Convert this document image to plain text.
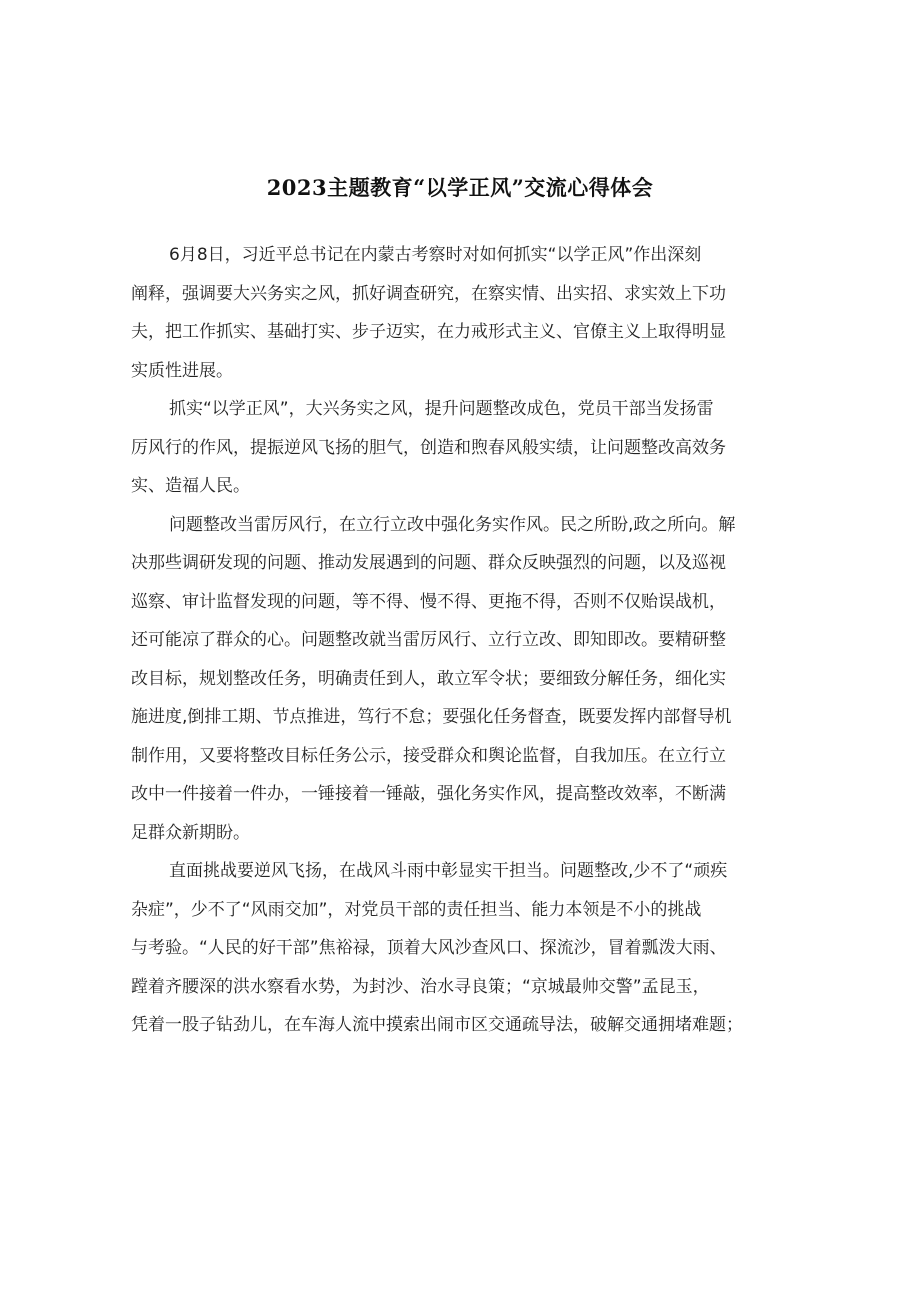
2023主题教育“以学正风”交流心得体会

6月8日，习近平总书记在内蒙古考察时对如何抓实“以学正风”作出深刻
阐释，强调要大兴务实之风，抓好调查研究，在察实情、出实招、求实效上下功
夫，把工作抓实、基础打实、步子迈实，在力戒形式主义、官僚主义上取得明显
实质性进展。

抓实“以学正风”，大兴务实之风，提升问题整改成色，党员干部当发扬雷
厉风行的作风，提振逆风飞扬的胆气，创造和煦春风般实绩，让问题整改高效务
实、造福人民。

问题整改当雷厉风行，在立行立改中强化务实作风。民之所盼,政之所向。解
决那些调研发现的问题、推动发展遇到的问题、群众反映强烈的问题，以及巡视
巡察、审计监督发现的问题，等不得、慢不得、更拖不得，否则不仅贻误战机，
还可能凉了群众的心。问题整改就当雷厉风行、立行立改、即知即改。要精研整
改目标，规划整改任务，明确责任到人，敢立军令状；要细致分解任务，细化实
施进度,倒排工期、节点推进，笃行不怠；要强化任务督查，既要发挥内部督导机
制作用，又要将整改目标任务公示，接受群众和舆论监督，自我加压。在立行立
改中一件接着一件办，一锤接着一锤敲，强化务实作风，提高整改效率，不断满
足群众新期盼。

直面挑战要逆风飞扬，在战风斗雨中彰显实干担当。问题整改,少不了“顽疾
杂症”，少不了“风雨交加”，对党员干部的责任担当、能力本领是不小的挑战
与考验。“人民的好干部”焦裕禄，顶着大风沙查风口、探流沙，冒着瓢泼大雨、
蹚着齐腰深的洪水察看水势，为封沙、治水寻良策；“京城最帅交警”孟昆玉，
凭着一股子钻劲儿，在车海人流中摸索出闹市区交通疏导法，破解交通拥堵难题；
